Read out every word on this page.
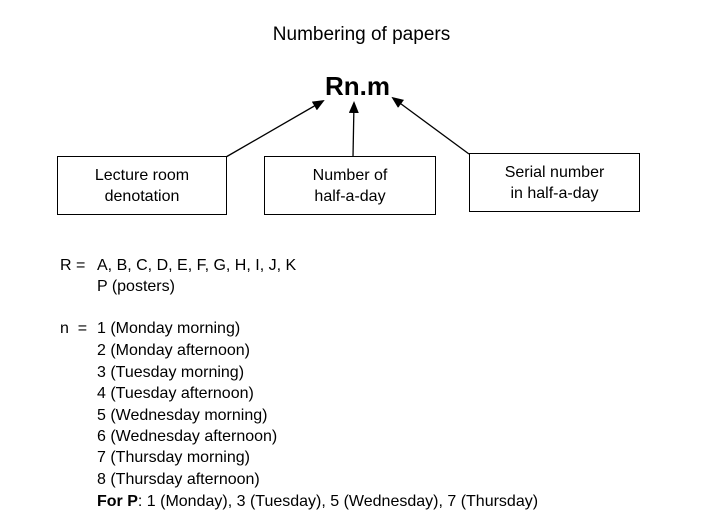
Numbering of papers
Rn.m
Lecture room
denotation
Number of
half-a-day
Serial number
in half-a-day
R = A, B, C, D, E, F, G, H, I, J, K
P (posters)
n  = 1 (Monday morning)
2 (Monday afternoon)
3 (Tuesday morning)
4 (Tuesday afternoon)
5 (Wednesday morning)
6 (Wednesday afternoon)
7 (Thursday morning)
8 (Thursday afternoon)
For P: 1 (Monday), 3 (Tuesday), 5 (Wednesday), 7 (Thursday)
